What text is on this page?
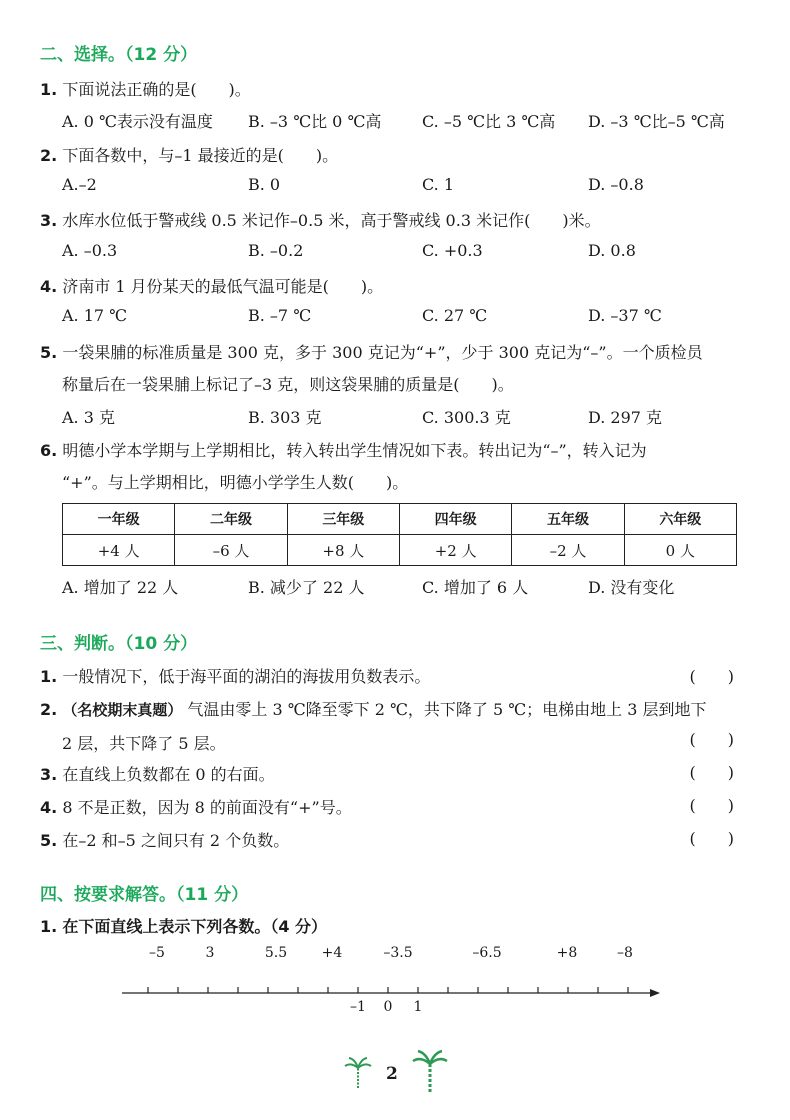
二、选择。（12 分）
1. 下面说法正确的是(　　)。
A. 0 ℃表示没有温度 B. –3 ℃比 0 ℃高	C. –5 ℃比 3 ℃高 D. –3 ℃比–5 ℃高
2. 下面各数中，与–1 最接近的是(　　)。
A.–2	B. 0	C. 1	D. –0.8
3. 水库水位低于警戒线 0.5 米记作–0.5 米，高于警戒线 0.3 米记作(　　)米。
A. –0.3	B. –0.2	C. +0.3	D. 0.8
4. 济南市 1 月份某天的最低气温可能是(　　)。
A. 17 ℃	B. –7 ℃	C. 27 ℃	D. –37 ℃
5. 一袋果脯的标准质量是 300 克，多于 300 克记为“+”，少于 300 克记为“–”。一个质检员
称量后在一袋果脯上标记了–3 克，则这袋果脯的质量是(　　)。
A. 3 克	B. 303 克	C. 300.3 克	D. 297 克
6. 明德小学本学期与上学期相比，转入转出学生情况如下表。转出记为“–”，转入记为
“+”。与上学期相比，明德小学学生人数(　　)。
一年级	二年级	三年级	四年级	五年级	六年级
+4 人	–6 人	+8 人	+2 人	–2 人	0 人
A. 增加了 22 人	B. 减少了 22 人	C. 增加了 6 人	D. 没有变化
三、判断。（10 分）
1. 一般情况下，低于海平面的湖泊的海拔用负数表示。	(　　)
2. （名校期末真题） 气温由零上 3 ℃降至零下 2 ℃，共下降了 5 ℃；电梯由地上 3 层到地下
2 层，共下降了 5 层。	(　　)
3. 在直线上负数都在 0 的右面。	(　　)
4. 8 不是正数，因为 8 的前面没有“+”号。	(　　)
5. 在–2 和–5 之间只有 2 个负数。	(　　)
四、按要求解答。（11 分）
1. 在下面直线上表示下列各数。（4 分）
–5	3	5.5 +4	–3.5	–6.5	+8	–8
–1 0 1
2
